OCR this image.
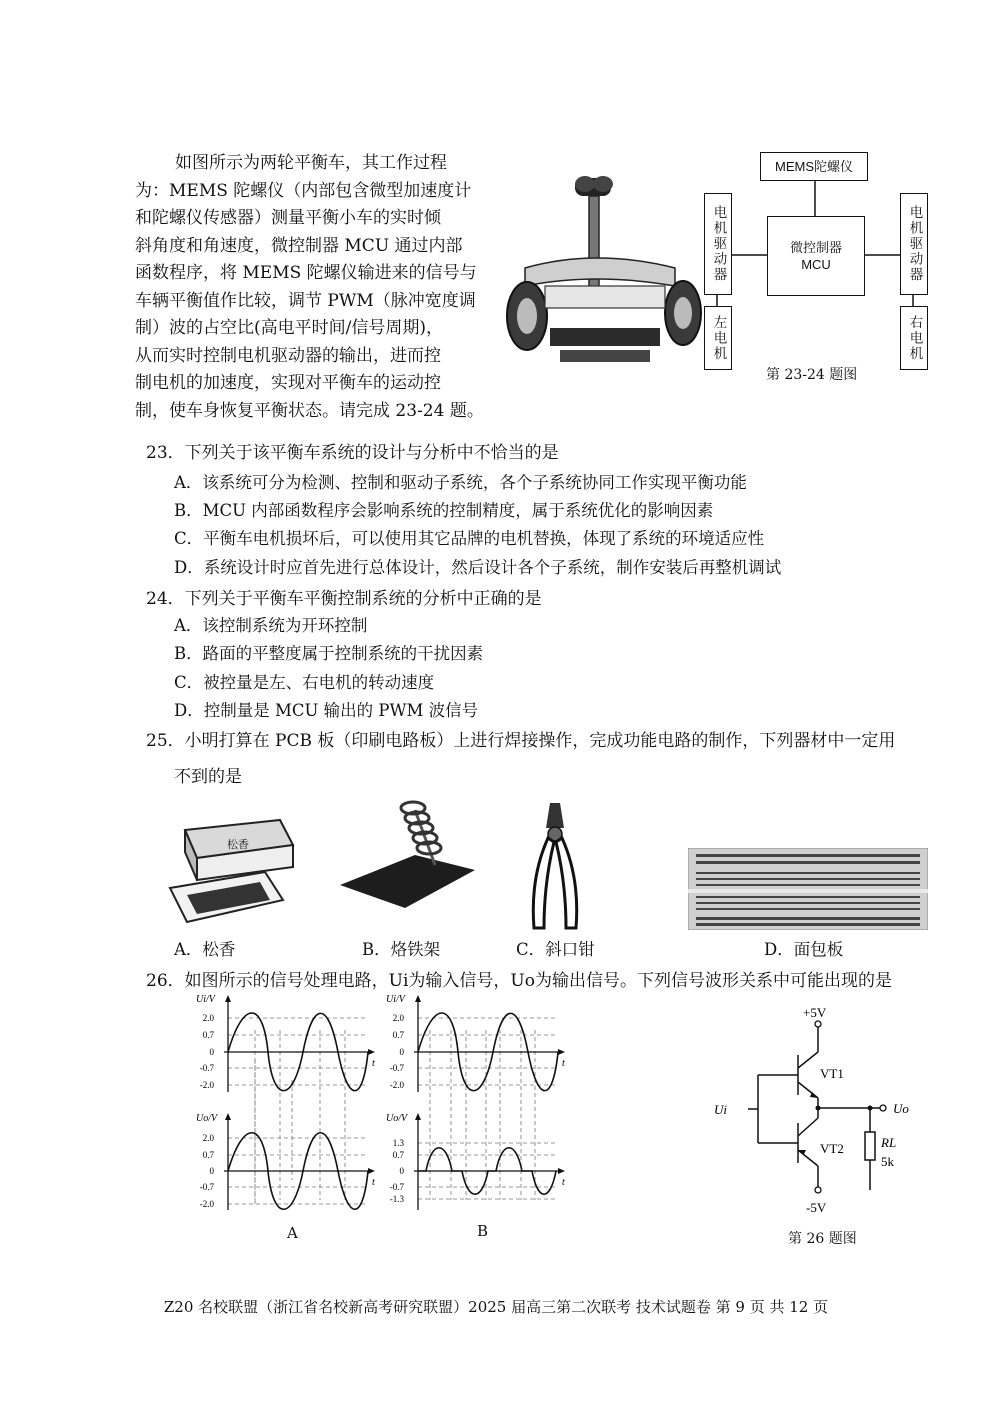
如图所示为两轮平衡车，其工作过程
为：MEMS 陀螺仪（内部包含微型加速度计
和陀螺仪传感器）测量平衡小车的实时倾
斜角度和角速度，微控制器 MCU 通过内部
函数程序，将 MEMS 陀螺仪输进来的信号与
车辆平衡值作比较，调节 PWM（脉冲宽度调
制）波的占空比(高电平时间/信号周期)，
从而实时控制电机驱动器的输出，进而控
制电机的加速度，实现对平衡车的运动控
制，使车身恢复平衡状态。请完成 23-24 题。
MEMS陀螺仪
微控制器
MCU
电机驱动器
左电机
电机驱动器
右电机
第 23-24 题图
23．下列关于该平衡车系统的设计与分析中不恰当的是
A．该系统可分为检测、控制和驱动子系统，各个子系统协同工作实现平衡功能
B．MCU 内部函数程序会影响系统的控制精度，属于系统优化的影响因素
C．平衡车电机损坏后，可以使用其它品牌的电机替换，体现了系统的环境适应性
D．系统设计时应首先进行总体设计，然后设计各个子系统，制作安装后再整机调试
24．下列关于平衡车平衡控制系统的分析中正确的是
A．该控制系统为开环控制
B．路面的平整度属于控制系统的干扰因素
C．被控量是左、右电机的转动速度
D．控制量是 MCU 输出的 PWM 波信号
25．小明打算在 PCB 板（印刷电路板）上进行焊接操作，完成功能电路的制作，下列器材中一定用
不到的是
松香
A．松香	B．烙铁架	C．斜口钳	D．面包板
26．如图所示的信号处理电路，Ui为输入信号，Uo为输出信号。下列信号波形关系中可能出现的是
Ui/V
Uo/V
t
t
2.0
0.7
0
-0.7
-2.0
2.0
0.7
0
-0.7
-2.0
A
Ui/V
Uo/V
t
t
2.0
0.7
0
-0.7
-2.0
1.3
0.7
0
-0.7
-1.3
B
+5V
-5V
VT1
VT2
Ui	Uo
RL
5k
第 26 题图
Z20 名校联盟（浙江省名校新高考研究联盟）2025 届高三第二次联考 技术试题卷 第 9 页 共 12 页
